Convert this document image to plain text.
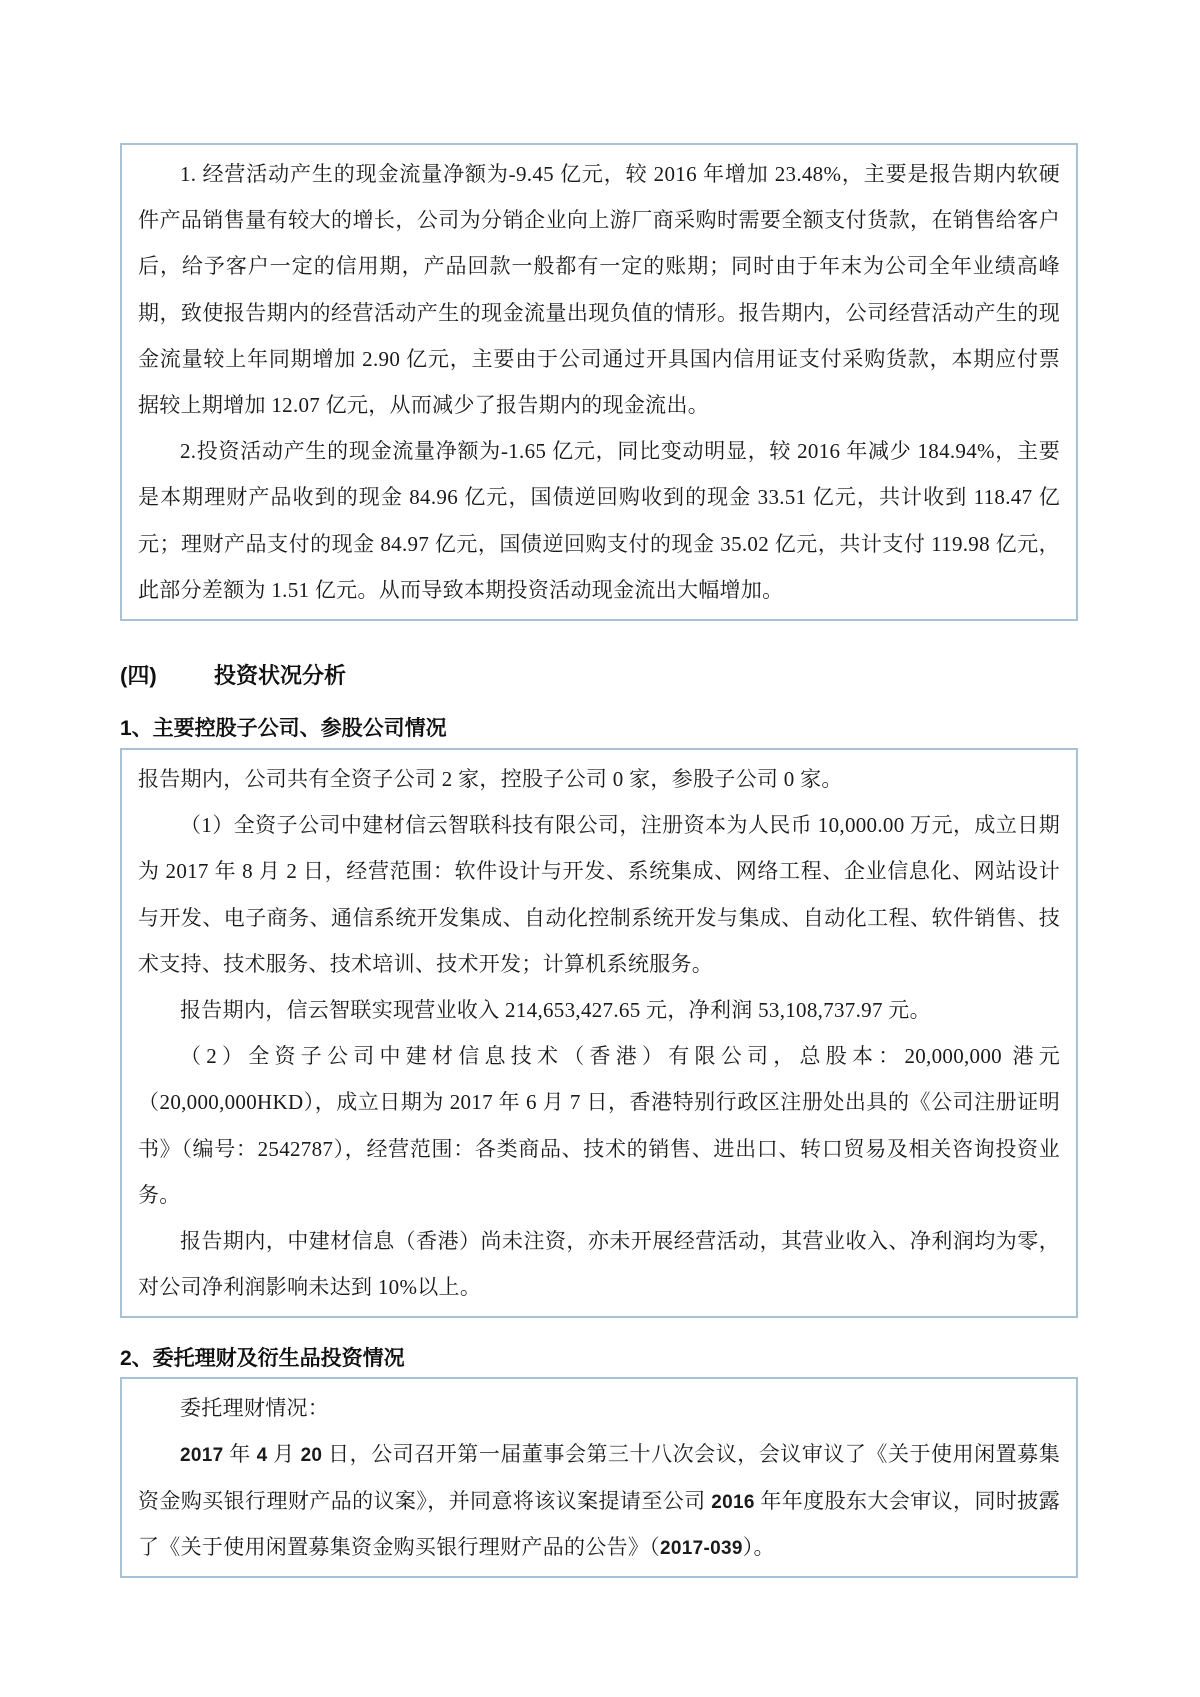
1. 经营活动产生的现金流量净额为-9.45 亿元，较 2016 年增加 23.48%，主要是报告期内软硬件产品销售量有较大的增长，公司为分销企业向上游厂商采购时需要全额支付货款，在销售给客户后，给予客户一定的信用期，产品回款一般都有一定的账期；同时由于年末为公司全年业绩高峰期，致使报告期内的经营活动产生的现金流量出现负值的情形。报告期内，公司经营活动产生的现金流量较上年同期增加 2.90 亿元，主要由于公司通过开具国内信用证支付采购货款，本期应付票据较上期增加 12.07 亿元，从而减少了报告期内的现金流出。

2.投资活动产生的现金流量净额为-1.65 亿元，同比变动明显，较 2016 年减少 184.94%，主要是本期理财产品收到的现金 84.96 亿元，国债逆回购收到的现金 33.51 亿元，共计收到 118.47 亿元；理财产品支付的现金 84.97 亿元，国债逆回购支付的现金 35.02 亿元，共计支付 119.98 亿元，此部分差额为 1.51 亿元。从而导致本期投资活动现金流出大幅增加。

(四)	投资状况分析
1、主要控股子公司、参股公司情况

报告期内，公司共有全资子公司 2 家，控股子公司 0 家，参股子公司 0 家。

（1）全资子公司中建材信云智联科技有限公司，注册资本为人民币 10,000.00 万元，成立日期为 2017 年 8 月 2 日，经营范围：软件设计与开发、系统集成、网络工程、企业信息化、网站设计与开发、电子商务、通信系统开发集成、自动化控制系统开发与集成、自动化工程、软件销售、技术支持、技术服务、技术培训、技术开发；计算机系统服务。

报告期内，信云智联实现营业收入 214,653,427.65 元，净利润 53,108,737.97 元。

（2）全资子公司中建材信息技术（香港）有限公司，总股本：20,000,000 港元（20,000,000HKD），成立日期为 2017 年 6 月 7 日，香港特别行政区注册处出具的《公司注册证明书》（编号：2542787），经营范围：各类商品、技术的销售、进出口、转口贸易及相关咨询投资业务。

报告期内，中建材信息（香港）尚未注资，亦未开展经营活动，其营业收入、净利润均为零，对公司净利润影响未达到 10%以上。

2、委托理财及衍生品投资情况

委托理财情况：

2017 年 4 月 20 日，公司召开第一届董事会第三十八次会议，会议审议了《关于使用闲置募集资金购买银行理财产品的议案》，并同意将该议案提请至公司 2016 年年度股东大会审议，同时披露了《关于使用闲置募集资金购买银行理财产品的公告》（2017-039）。
